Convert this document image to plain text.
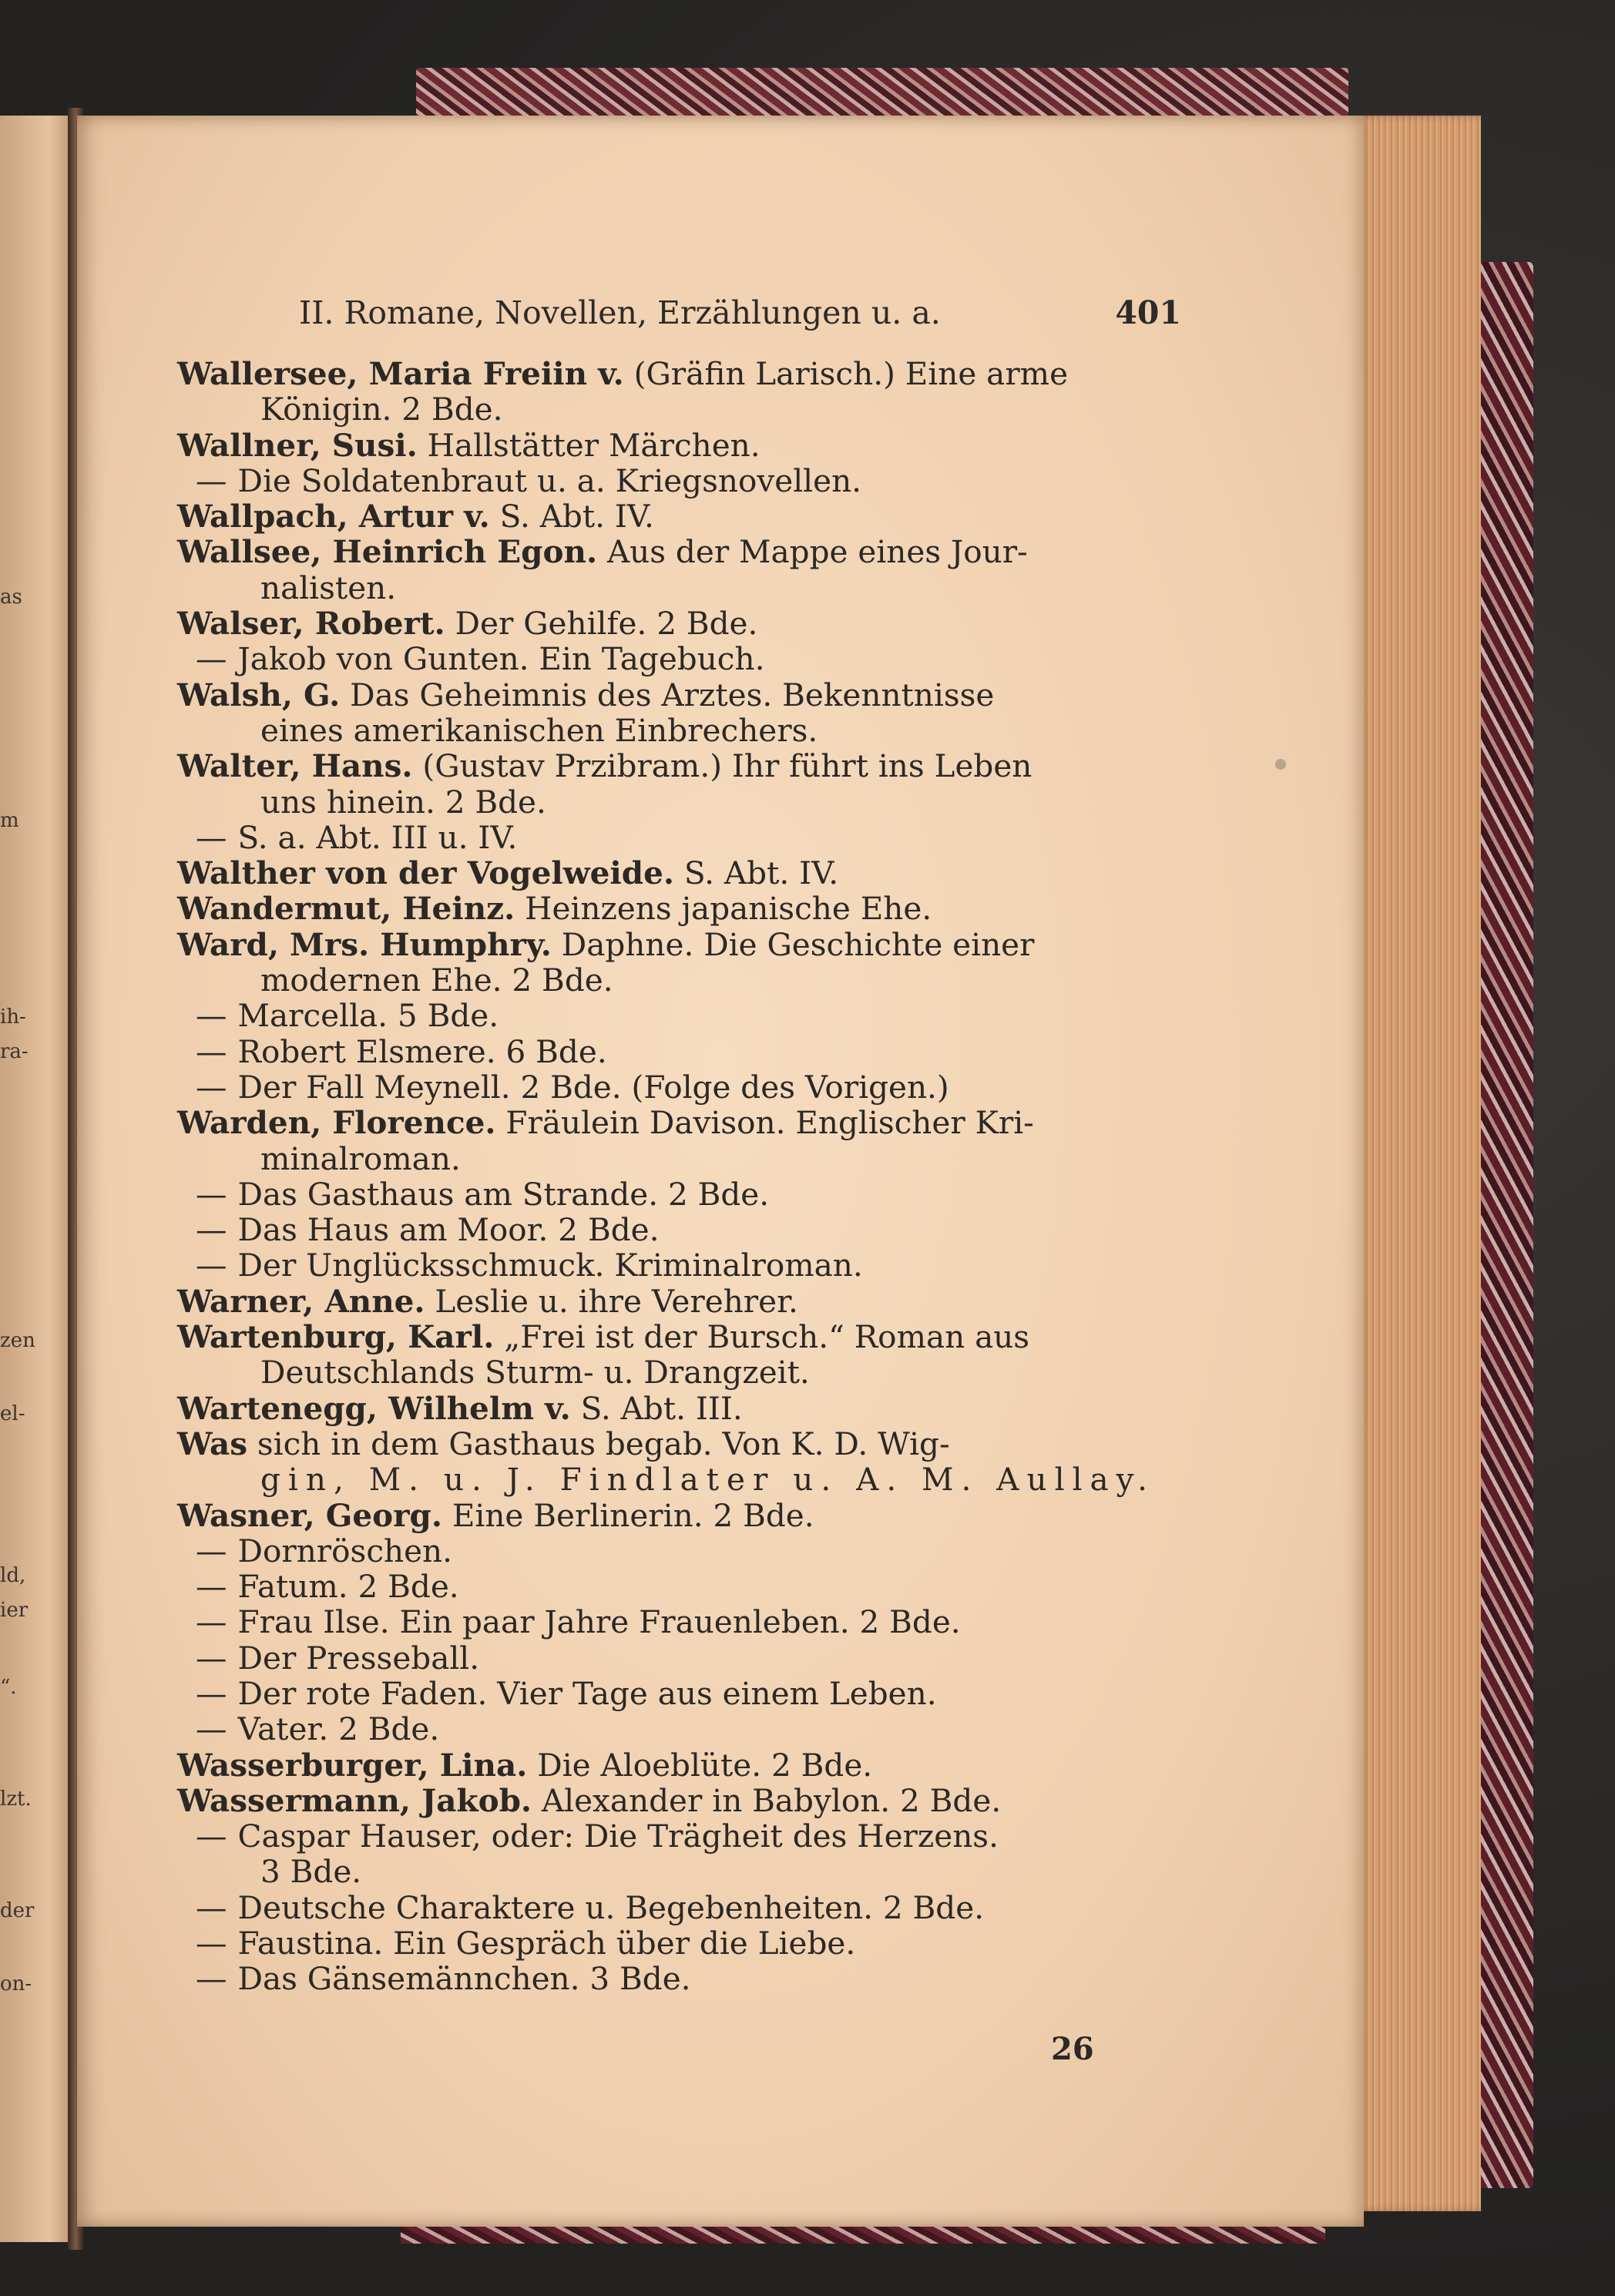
as
m
ih-
ra-
zen
el-
ld,
ier
“.
lzt.
der
on-
II. Romane, Novellen, Erzählungen u. a.	401
Wallersee, Maria Freiin v. (Gräfin Larisch.) Eine arme
Königin. 2 Bde.
Wallner, Susi. Hallstätter Märchen.
— Die Soldatenbraut u. a. Kriegsnovellen.
Wallpach, Artur v. S. Abt. IV.
Wallsee, Heinrich Egon. Aus der Mappe eines Jour-
nalisten.
Walser, Robert. Der Gehilfe. 2 Bde.
— Jakob von Gunten. Ein Tagebuch.
Walsh, G. Das Geheimnis des Arztes. Bekenntnisse
eines amerikanischen Einbrechers.
Walter, Hans. (Gustav Przibram.) Ihr führt ins Leben
uns hinein. 2 Bde.
— S. a. Abt. III u. IV.
Walther von der Vogelweide. S. Abt. IV.
Wandermut, Heinz. Heinzens japanische Ehe.
Ward, Mrs. Humphry. Daphne. Die Geschichte einer
modernen Ehe. 2 Bde.
— Marcella. 5 Bde.
— Robert Elsmere. 6 Bde.
— Der Fall Meynell. 2 Bde. (Folge des Vorigen.)
Warden, Florence. Fräulein Davison. Englischer Kri-
minalroman.
— Das Gasthaus am Strande. 2 Bde.
— Das Haus am Moor. 2 Bde.
— Der Unglücksschmuck. Kriminalroman.
Warner, Anne. Leslie u. ihre Verehrer.
Wartenburg, Karl. „Frei ist der Bursch.“ Roman aus
Deutschlands Sturm- u. Drangzeit.
Wartenegg, Wilhelm v. S. Abt. III.
Was sich in dem Gasthaus begab. Von K. D. Wig-
gin, M. u. J. Findlater u. A. M. Aullay.
Wasner, Georg. Eine Berlinerin. 2 Bde.
— Dornröschen.
— Fatum. 2 Bde.
— Frau Ilse. Ein paar Jahre Frauenleben. 2 Bde.
— Der Presseball.
— Der rote Faden. Vier Tage aus einem Leben.
— Vater. 2 Bde.
Wasserburger, Lina. Die Aloeblüte. 2 Bde.
Wassermann, Jakob. Alexander in Babylon. 2 Bde.
— Caspar Hauser, oder: Die Trägheit des Herzens.
3 Bde.
— Deutsche Charaktere u. Begebenheiten. 2 Bde.
— Faustina. Ein Gespräch über die Liebe.
— Das Gänsemännchen. 3 Bde.
26
